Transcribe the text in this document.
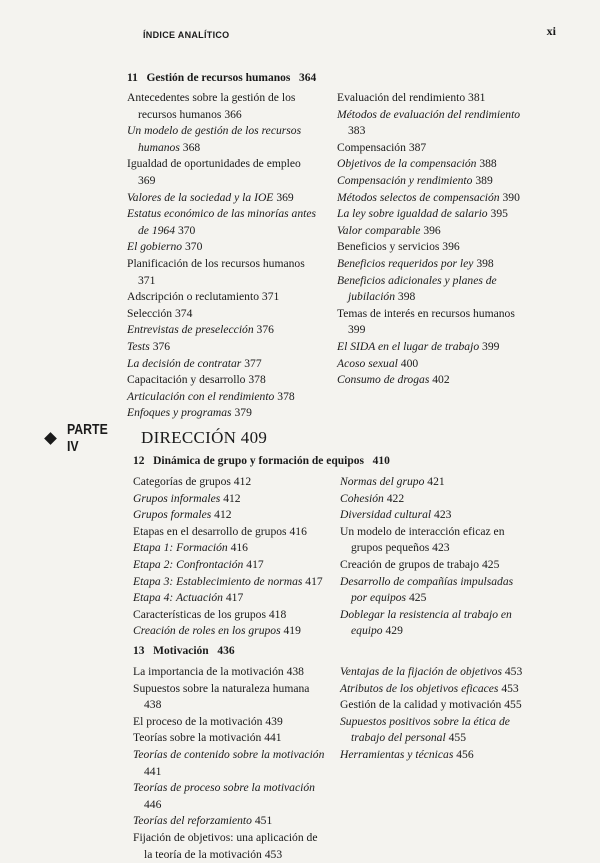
ÍNDICE ANALÍTICO	xi
11   Gestión de recursos humanos   364

Antecedentes sobre la gestión de los recursos humanos 366

Un modelo de gestión de los recursos humanos 368

Igualdad de oportunidades de empleo 369

Valores de la sociedad y la IOE 369

Estatus económico de las minorías antes de 1964 370

El gobierno 370

Planificación de los recursos humanos 371

Adscripción o reclutamiento 371

Selección 374

Entrevistas de preselección 376

Tests 376

La decisión de contratar 377

Capacitación y desarrollo 378

Articulación con el rendimiento 378

Enfoques y programas 379

Evaluación del rendimiento 381

Métodos de evaluación del rendimiento 383

Compensación 387

Objetivos de la compensación 388

Compensación y rendimiento 389

Métodos selectos de compensación 390

La ley sobre igualdad de salario 395

Valor comparable 396

Beneficios y servicios 396

Beneficios requeridos por ley 398

Beneficios adicionales y planes de jubilación 398

Temas de interés en recursos humanos 399

El SIDA en el lugar de trabajo 399

Acoso sexual 400

Consumo de drogas 402

PARTE IV	DIRECCIÓN 409
12   Dinámica de grupo y formación de equipos   410

Categorías de grupos 412

Grupos informales 412

Grupos formales 412

Etapas en el desarrollo de grupos 416

Etapa 1: Formación 416

Etapa 2: Confrontación 417

Etapa 3: Establecimiento de normas 417

Etapa 4: Actuación 417

Características de los grupos 418

Creación de roles en los grupos 419

Normas del grupo 421

Cohesión 422

Diversidad cultural 423

Un modelo de interacción eficaz en grupos pequeños 423

Creación de grupos de trabajo 425

Desarrollo de compañías impulsadas por equipos 425

Doblegar la resistencia al trabajo en equipo 429

13   Motivación   436

La importancia de la motivación 438

Supuestos sobre la naturaleza humana 438

El proceso de la motivación 439

Teorías sobre la motivación 441

Teorías de contenido sobre la motivación 441

Teorías de proceso sobre la motivación 446

Teorías del reforzamiento 451

Fijación de objetivos: una aplicación de la teoría de la motivación 453

Ventajas de la fijación de objetivos 453

Atributos de los objetivos eficaces 453

Gestión de la calidad y motivación 455

Supuestos positivos sobre la ética de trabajo del personal 455

Herramientas y técnicas 456
